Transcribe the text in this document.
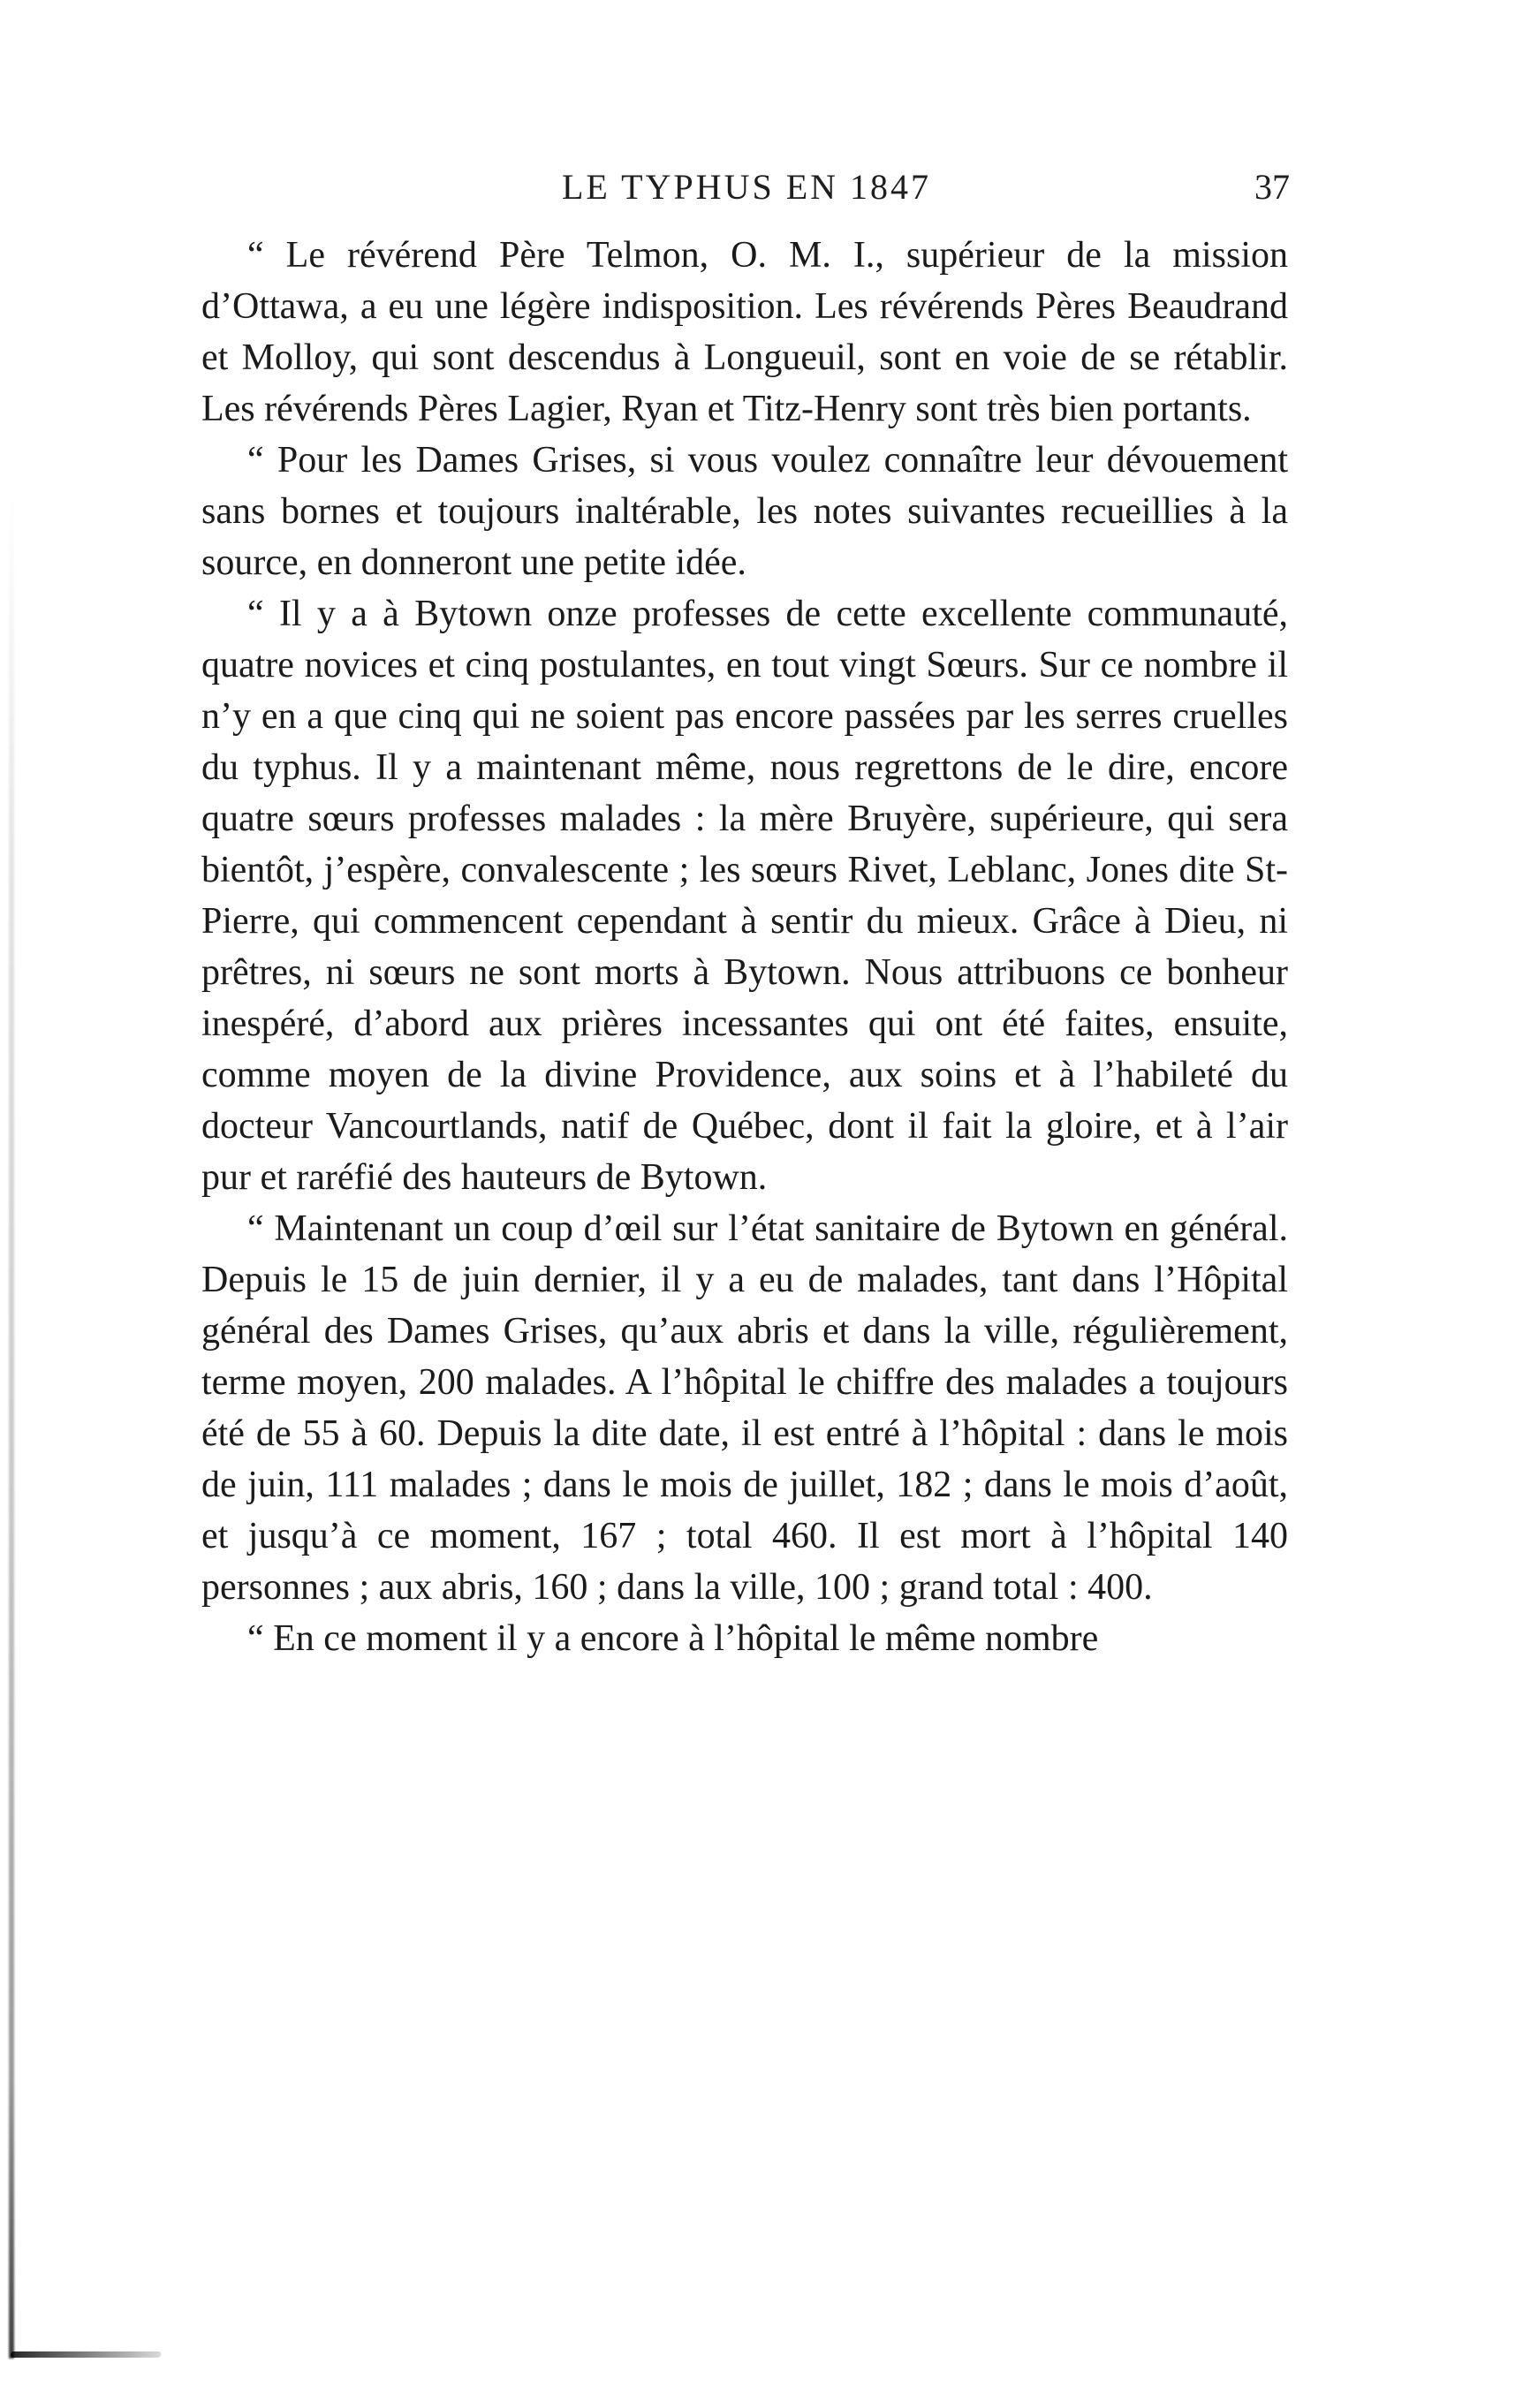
LE TYPHUS EN 1847	37

“ Le révérend Père Telmon, O. M. I., supérieur de la mission d’Ottawa, a eu une légère indisposition. Les révérends Pères Beaudrand et Molloy, qui sont descendus à Longueuil, sont en voie de se rétablir. Les révérends Pères Lagier, Ryan et Titz-Henry sont très bien portants.

“ Pour les Dames Grises, si vous voulez connaître leur dévouement sans bornes et toujours inaltérable, les notes suivantes recueillies à la source, en donneront une petite idée.

“ Il y a à Bytown onze professes de cette excellente communauté, quatre novices et cinq postulantes, en tout vingt Sœurs. Sur ce nombre il n’y en a que cinq qui ne soient pas encore passées par les serres cruelles du typhus. Il y a maintenant même, nous regrettons de le dire, encore quatre sœurs professes malades : la mère Bruyère, supérieure, qui sera bientôt, j’espère, convalescente ; les sœurs Rivet, Leblanc, Jones dite St-Pierre, qui commencent cependant à sentir du mieux. Grâce à Dieu, ni prêtres, ni sœurs ne sont morts à Bytown. Nous attribuons ce bonheur inespéré, d’abord aux prières incessantes qui ont été faites, ensuite, comme moyen de la divine Providence, aux soins et à l’habileté du docteur Vancourtlands, natif de Québec, dont il fait la gloire, et à l’air pur et raréfié des hauteurs de Bytown.

“ Maintenant un coup d’œil sur l’état sanitaire de Bytown en général. Depuis le 15 de juin dernier, il y a eu de malades, tant dans l’Hôpital général des Dames Grises, qu’aux abris et dans la ville, régulièrement, terme moyen, 200 malades. A l’hôpital le chiffre des malades a toujours été de 55 à 60. Depuis la dite date, il est entré à l’hôpital : dans le mois de juin, 111 malades ; dans le mois de juillet, 182 ; dans le mois d’août, et jusqu’à ce moment, 167 ; total 460. Il est mort à l’hôpital 140 personnes ; aux abris, 160 ; dans la ville, 100 ; grand total : 400.

“ En ce moment il y a encore à l’hôpital le même nombre
